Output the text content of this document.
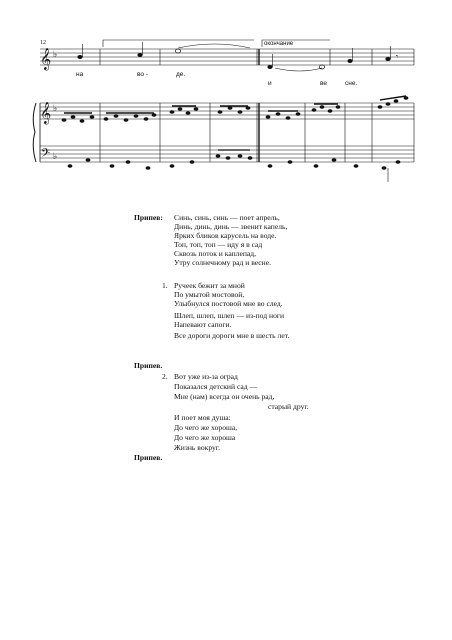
𝄞
𝄞
𝄢
♭
♭
♭
𝄾
12	окончание
на	во -	де.
и	ве	сне.
Припев: Синь, синь, синь — поет апрель,
Динь, динь, динь — звенит капель,
Ярких бликов карусель на воде.
Топ, топ, топ — иду я в сад
Сквозь поток и каплепад,
Утру солнечному рад и весне.
1. Ручеек бежит за мной
По умытой мостовой,
Улыбнулся постовой мне во след.
Шлеп, шлеп, шлеп — из-под ноги
Напевают сапоги.
Все дороги дороги мне в шесть лет.
Припев.
2. Вот уже из-за оград
Показался детский сад —
Мне (нам) всегда он очень рад,
старый друг.
И поет моя душа:
До чего же хороша,
До чего же хороша
Жизнь вокруг.
Припев.
